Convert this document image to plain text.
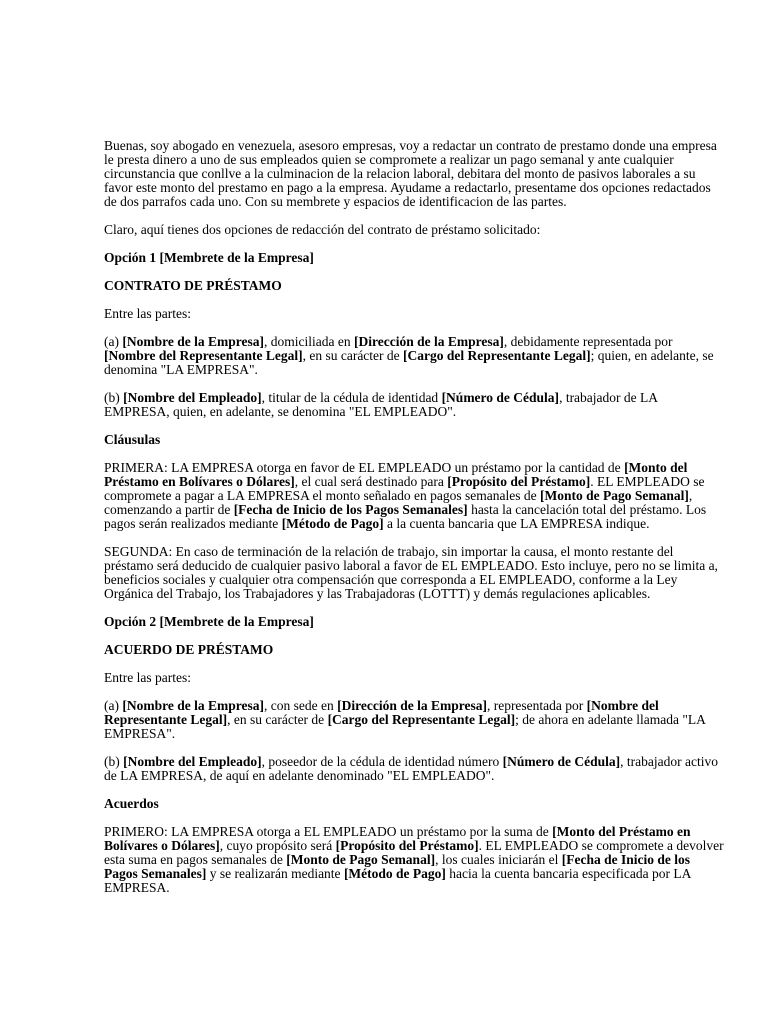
Buenas, soy abogado en venezuela, asesoro empresas, voy a redactar un contrato de prestamo donde una empresa le presta dinero a uno de sus empleados quien se compromete a realizar un pago semanal y ante cualquier circunstancia que conllve a la culminacion de la relacion laboral, debitara del monto de pasivos laborales a su favor este monto del prestamo en pago a la empresa. Ayudame a redactarlo, presentame dos opciones redactados de dos parrafos cada uno. Con su membrete y espacios de identificacion de las partes.

Claro, aquí tienes dos opciones de redacción del contrato de préstamo solicitado:

Opción 1 [Membrete de la Empresa]

CONTRATO DE PRÉSTAMO

Entre las partes:

(a) [Nombre de la Empresa], domiciliada en [Dirección de la Empresa], debidamente representada por [Nombre del Representante Legal], en su carácter de [Cargo del Representante Legal]; quien, en adelante, se denomina "LA EMPRESA".

(b) [Nombre del Empleado], titular de la cédula de identidad [Número de Cédula], trabajador de LA EMPRESA, quien, en adelante, se denomina "EL EMPLEADO".

Cláusulas

PRIMERA: LA EMPRESA otorga en favor de EL EMPLEADO un préstamo por la cantidad de [Monto del Préstamo en Bolívares o Dólares], el cual será destinado para [Propósito del Préstamo]. EL EMPLEADO se compromete a pagar a LA EMPRESA el monto señalado en pagos semanales de [Monto de Pago Semanal], comenzando a partir de [Fecha de Inicio de los Pagos Semanales] hasta la cancelación total del préstamo. Los pagos serán realizados mediante [Método de Pago] a la cuenta bancaria que LA EMPRESA indique.

SEGUNDA: En caso de terminación de la relación de trabajo, sin importar la causa, el monto restante del préstamo será deducido de cualquier pasivo laboral a favor de EL EMPLEADO. Esto incluye, pero no se limita a, beneficios sociales y cualquier otra compensación que corresponda a EL EMPLEADO, conforme a la Ley Orgánica del Trabajo, los Trabajadores y las Trabajadoras (LOTTT) y demás regulaciones aplicables.

Opción 2 [Membrete de la Empresa]

ACUERDO DE PRÉSTAMO

Entre las partes:

(a) [Nombre de la Empresa], con sede en [Dirección de la Empresa], representada por [Nombre del Representante Legal], en su carácter de [Cargo del Representante Legal]; de ahora en adelante llamada "LA EMPRESA".

(b) [Nombre del Empleado], poseedor de la cédula de identidad número [Número de Cédula], trabajador activo de LA EMPRESA, de aquí en adelante denominado "EL EMPLEADO".

Acuerdos

PRIMERO: LA EMPRESA otorga a EL EMPLEADO un préstamo por la suma de [Monto del Préstamo en Bolívares o Dólares], cuyo propósito será [Propósito del Préstamo]. EL EMPLEADO se compromete a devolver esta suma en pagos semanales de [Monto de Pago Semanal], los cuales iniciarán el [Fecha de Inicio de los Pagos Semanales] y se realizarán mediante [Método de Pago] hacia la cuenta bancaria especificada por LA EMPRESA.
